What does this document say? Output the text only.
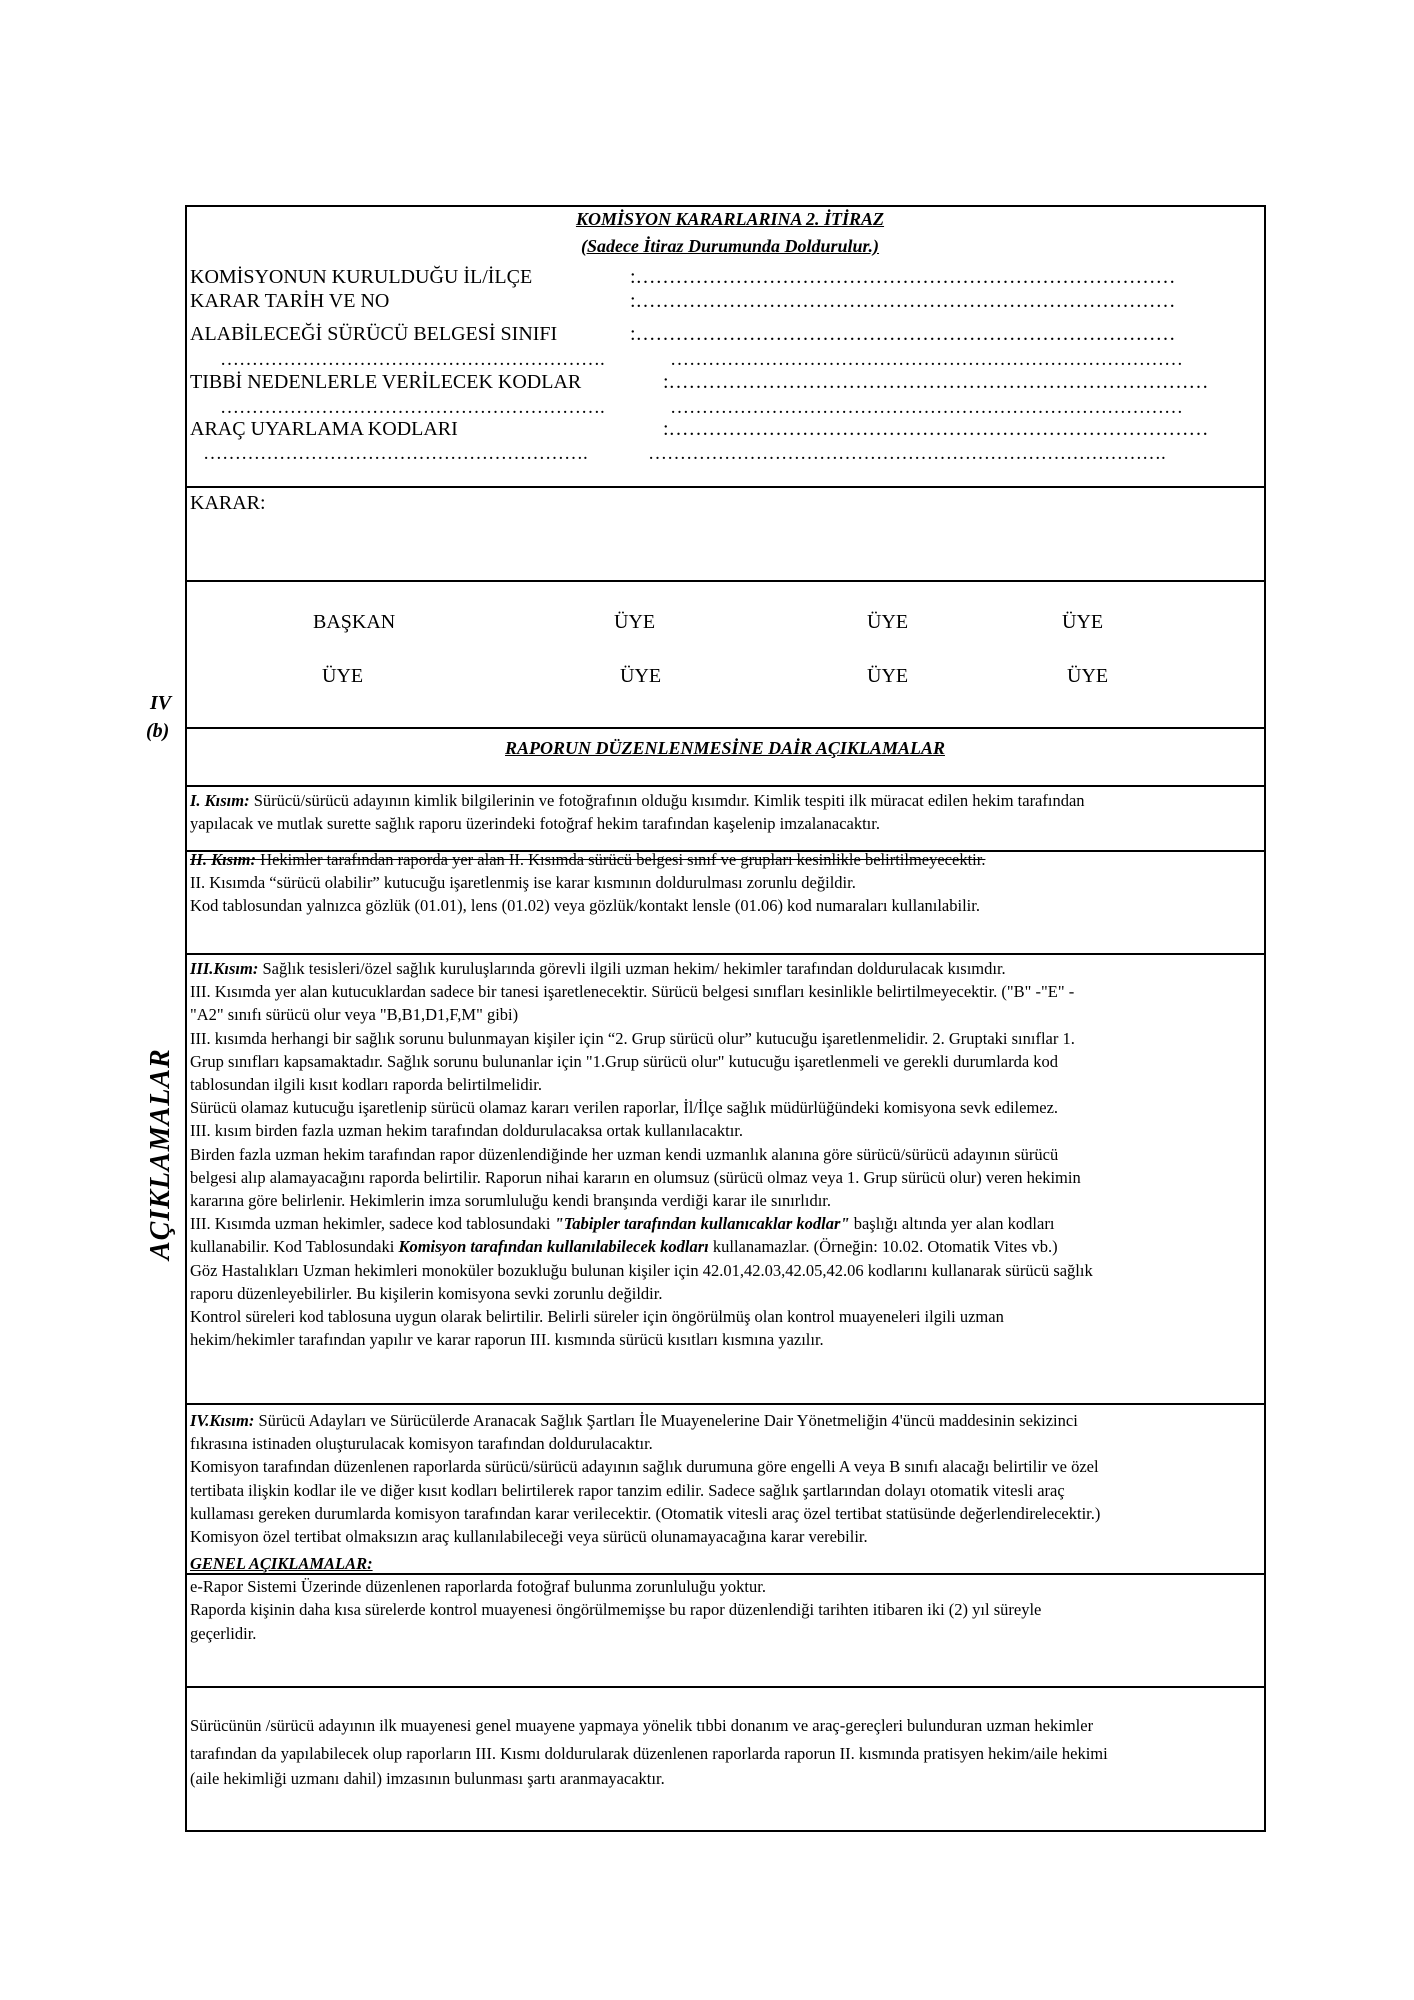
KOMİSYON KARARLARINA 2. İTİRAZ
(Sadece İtiraz Durumunda Doldurulur.)
KOMİSYONUN KURULDUĞU İL/İLÇE	:………………………………………………………………………
KARAR TARİH VE NO	:………………………………………………………………………
ALABİLECEĞİ SÜRÜCÜ BELGESİ SINIFI	:………………………………………………………………………
…………………………………………………….	………………………………………………………………………
TIBBİ NEDENLERLE VERİLECEK KODLAR	:………………………………………………………………………
…………………………………………………….	………………………………………………………………………
ARAÇ UYARLAMA KODLARI	:………………………………………………………………………
…………………………………………………….	……………………………………………………………………….
KARAR:
BAŞKAN	ÜYE	ÜYE	ÜYE
ÜYE	ÜYE	ÜYE	ÜYE
IV
(b)
AÇIKLAMALAR
RAPORUN DÜZENLENMESİNE DAİR AÇIKLAMALAR
I. Kısım: Sürücü/sürücü adayının kimlik bilgilerinin ve fotoğrafının olduğu kısımdır. Kimlik tespiti ilk müracat edilen hekim tarafından
yapılacak ve mutlak surette sağlık raporu üzerindeki fotoğraf hekim tarafından kaşelenip imzalanacaktır.
II. Kısım: Hekimler tarafından raporda yer alan II. Kısımda sürücü belgesi sınıf ve grupları kesinlikle belirtilmeyecektir.
II. Kısımda “sürücü olabilir” kutucuğu işaretlenmiş ise karar kısmının doldurulması zorunlu değildir.
Kod tablosundan yalnızca gözlük (01.01), lens (01.02) veya gözlük/kontakt lensle (01.06) kod numaraları kullanılabilir.
III.Kısım: Sağlık tesisleri/özel sağlık kuruluşlarında görevli ilgili uzman hekim/ hekimler tarafından doldurulacak kısımdır.
III. Kısımda yer alan kutucuklardan sadece bir tanesi işaretlenecektir. Sürücü belgesi sınıfları kesinlikle belirtilmeyecektir. ("B" -"E" -
"A2" sınıfı sürücü olur veya "B,B1,D1,F,M" gibi)
III. kısımda herhangi bir sağlık sorunu bulunmayan kişiler için “2. Grup sürücü olur” kutucuğu işaretlenmelidir. 2. Gruptaki sınıflar 1.
Grup sınıfları kapsamaktadır. Sağlık sorunu bulunanlar için "1.Grup sürücü olur" kutucuğu işaretlenmeli ve gerekli durumlarda kod
tablosundan ilgili kısıt kodları raporda belirtilmelidir.
Sürücü olamaz kutucuğu işaretlenip sürücü olamaz kararı verilen raporlar, İl/İlçe sağlık müdürlüğündeki komisyona sevk edilemez.
III. kısım birden fazla uzman hekim tarafından doldurulacaksa ortak kullanılacaktır.
Birden fazla uzman hekim tarafından rapor düzenlendiğinde her uzman kendi uzmanlık alanına göre sürücü/sürücü adayının sürücü
belgesi alıp alamayacağını raporda belirtilir. Raporun nihai kararın en olumsuz (sürücü olmaz veya 1. Grup sürücü olur) veren hekimin
kararına göre belirlenir. Hekimlerin imza sorumluluğu kendi branşında verdiği karar ile sınırlıdır.
III. Kısımda uzman hekimler, sadece kod tablosundaki "Tabipler tarafından kullanıcaklar kodlar" başlığı altında yer alan kodları
kullanabilir. Kod Tablosundaki Komisyon tarafından kullanılabilecek kodları kullanamazlar. (Örneğin: 10.02. Otomatik Vites vb.)
Göz Hastalıkları Uzman hekimleri monoküler bozukluğu bulunan kişiler için 42.01,42.03,42.05,42.06 kodlarını kullanarak sürücü sağlık
raporu düzenleyebilirler. Bu kişilerin komisyona sevki zorunlu değildir.
Kontrol süreleri kod tablosuna uygun olarak belirtilir. Belirli süreler için öngörülmüş olan kontrol muayeneleri ilgili uzman
hekim/hekimler tarafından yapılır ve karar raporun III. kısmında sürücü kısıtları kısmına yazılır.
IV.Kısım: Sürücü Adayları ve Sürücülerde Aranacak Sağlık Şartları İle Muayenelerine Dair Yönetmeliğin 4'üncü maddesinin sekizinci
fıkrasına istinaden oluşturulacak komisyon tarafından doldurulacaktır.
Komisyon tarafından düzenlenen raporlarda sürücü/sürücü adayının sağlık durumuna göre engelli A veya B sınıfı alacağı belirtilir ve özel
tertibata ilişkin kodlar ile ve diğer kısıt kodları belirtilerek rapor tanzim edilir. Sadece sağlık şartlarından dolayı otomatik vitesli araç
kullaması gereken durumlarda komisyon tarafından karar verilecektir. (Otomatik vitesli araç özel tertibat statüsünde değerlendirelecektir.)
Komisyon özel tertibat olmaksızın araç kullanılabileceği veya sürücü olunamayacağına karar verebilir.
GENEL AÇIKLAMALAR:
e-Rapor Sistemi Üzerinde düzenlenen raporlarda fotoğraf bulunma zorunluluğu yoktur.
Raporda kişinin daha kısa sürelerde kontrol muayenesi öngörülmemişse bu rapor düzenlendiği tarihten itibaren iki (2) yıl süreyle
geçerlidir.
Sürücünün /sürücü adayının ilk muayenesi genel muayene yapmaya yönelik tıbbi donanım ve araç-gereçleri bulunduran uzman hekimler
tarafından da yapılabilecek olup raporların III. Kısmı doldurularak düzenlenen raporlarda raporun II. kısmında pratisyen hekim/aile hekimi
(aile hekimliği uzmanı dahil) imzasının bulunması şartı aranmayacaktır.
